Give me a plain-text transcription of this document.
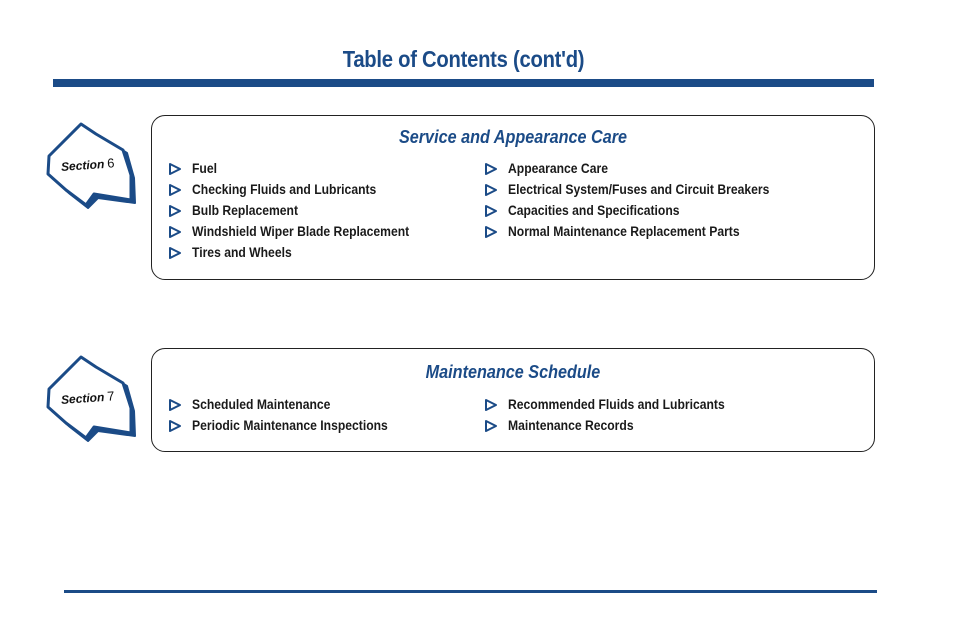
Table of Contents (cont'd)
Section 6
Service and Appearance Care
Fuel
Checking Fluids and Lubricants
Bulb Replacement
Windshield Wiper Blade Replacement
Tires and Wheels
Appearance Care
Electrical System/Fuses and Circuit Breakers
Capacities and Specifications
Normal Maintenance Replacement Parts
Section 7
Maintenance Schedule
Scheduled Maintenance
Periodic Maintenance Inspections
Recommended Fluids and Lubricants
Maintenance Records
